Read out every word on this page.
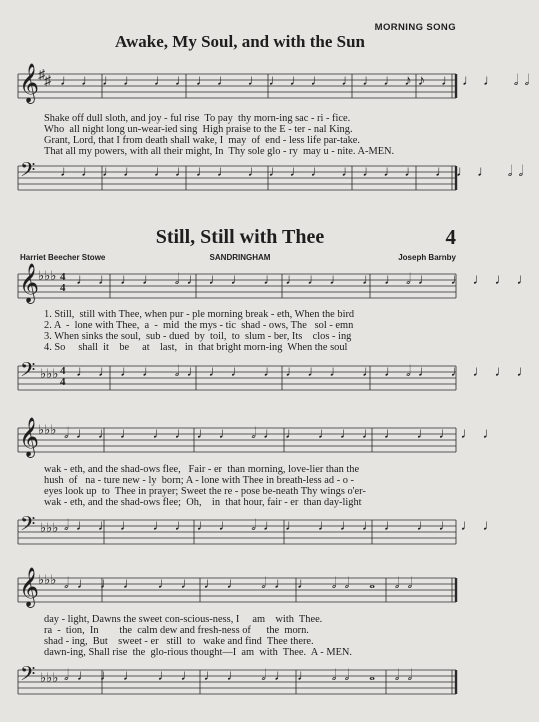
MORNING SONG
Awake, My Soul, and with the Sun
𝄞
♯ ♯ ♩♩♩♩ ♩♩♩♩ ♩♩♩♩ ♩♩♩♪♪ ♩♩♩ 𝅗𝅥𝅗𝅥
Shake off dull sloth, and joy - ful rise  To pay  thy morn-ing sac - ri - fice.
Who  all night long un-wear-ied sing  High praise to the E - ter - nal King.
Grant, Lord, that I from death shall wake, I  may  of  end - less life par-take.
That all my powers, with all their might, In  Thy sole glo - ry  may u - nite. A-MEN.
𝄢 ♩♩♩♩ ♩♩♩♩ ♩♩♩♩ ♩♩♩♩ ♩♩♩ 𝅗𝅥𝅗𝅥
Still, Still with Thee	4
Harriet Beecher Stowe	SANDRINGHAM	Joseph Barnby
𝄞
♭♭♭ 4
4 ♩♩♩♩ 𝅗𝅥♩♩♩ ♩♩♩♩ ♩♩𝅗𝅥♩ ♩♩♩♩
1. Still,  still with Thee, when pur - ple morning break - eth, When the bird
2. A  -  lone with Thee,  a  -  mid  the mys - tic  shad - ows, The   sol - emn
3. When sinks the soul,  sub - dued  by  toil,  to  slum - ber, Its    clos - ing
4. So     shall  it    be     at    last,   in  that bright morn-ing  When the soul
𝄢 ♭♭♭ 4
4
♩♩♩♩ 𝅗𝅥♩♩♩ ♩♩♩♩ ♩♩𝅗𝅥♩ ♩♩♩♩
𝄞
♭♭♭ 𝅗𝅥♩♩♩ ♩♩♩♩ 𝅗𝅥♩♩ ♩♩♩♩ ♩♩♩♩
wak - eth, and the shad-ows flee,   Fair - er  than morning, love-lier than the
hush  of   na - ture new - ly  born; A - lone with Thee in breath-less ad - o -
eyes look up  to  Thee in prayer; Sweet the re - pose be-neath Thy wings o'er-
wak - eth, and the shad-ows flee;  Oh,    in  that hour, fair - er  than day-light
𝄢 ♭♭♭ 𝅗𝅥♩♩♩ ♩♩♩♩ 𝅗𝅥♩♩ ♩♩♩♩ ♩♩♩♩
𝄞
♭♭♭ 𝅗𝅥♩♩♩ ♩♩♩♩ 𝅗𝅥♩♩ 𝅗𝅥𝅗𝅥 𝅝 𝅗𝅥𝅗𝅥
day - light, Dawns the sweet con-scious-ness, I     am    with  Thee.
ra  -  tion,  In        the  calm dew and fresh-ness of      the  morn.
shad - ing,  But    sweet - er   still  to   wake and find  Thee there.
dawn-ing, Shall rise  the  glo-rious thought—I  am  with  Thee.  A - MEN.
𝄢 ♭♭♭ 𝅗𝅥♩♩♩ ♩♩♩♩ 𝅗𝅥♩♩ 𝅗𝅥𝅗𝅥 𝅝 𝅗𝅥𝅗𝅥
